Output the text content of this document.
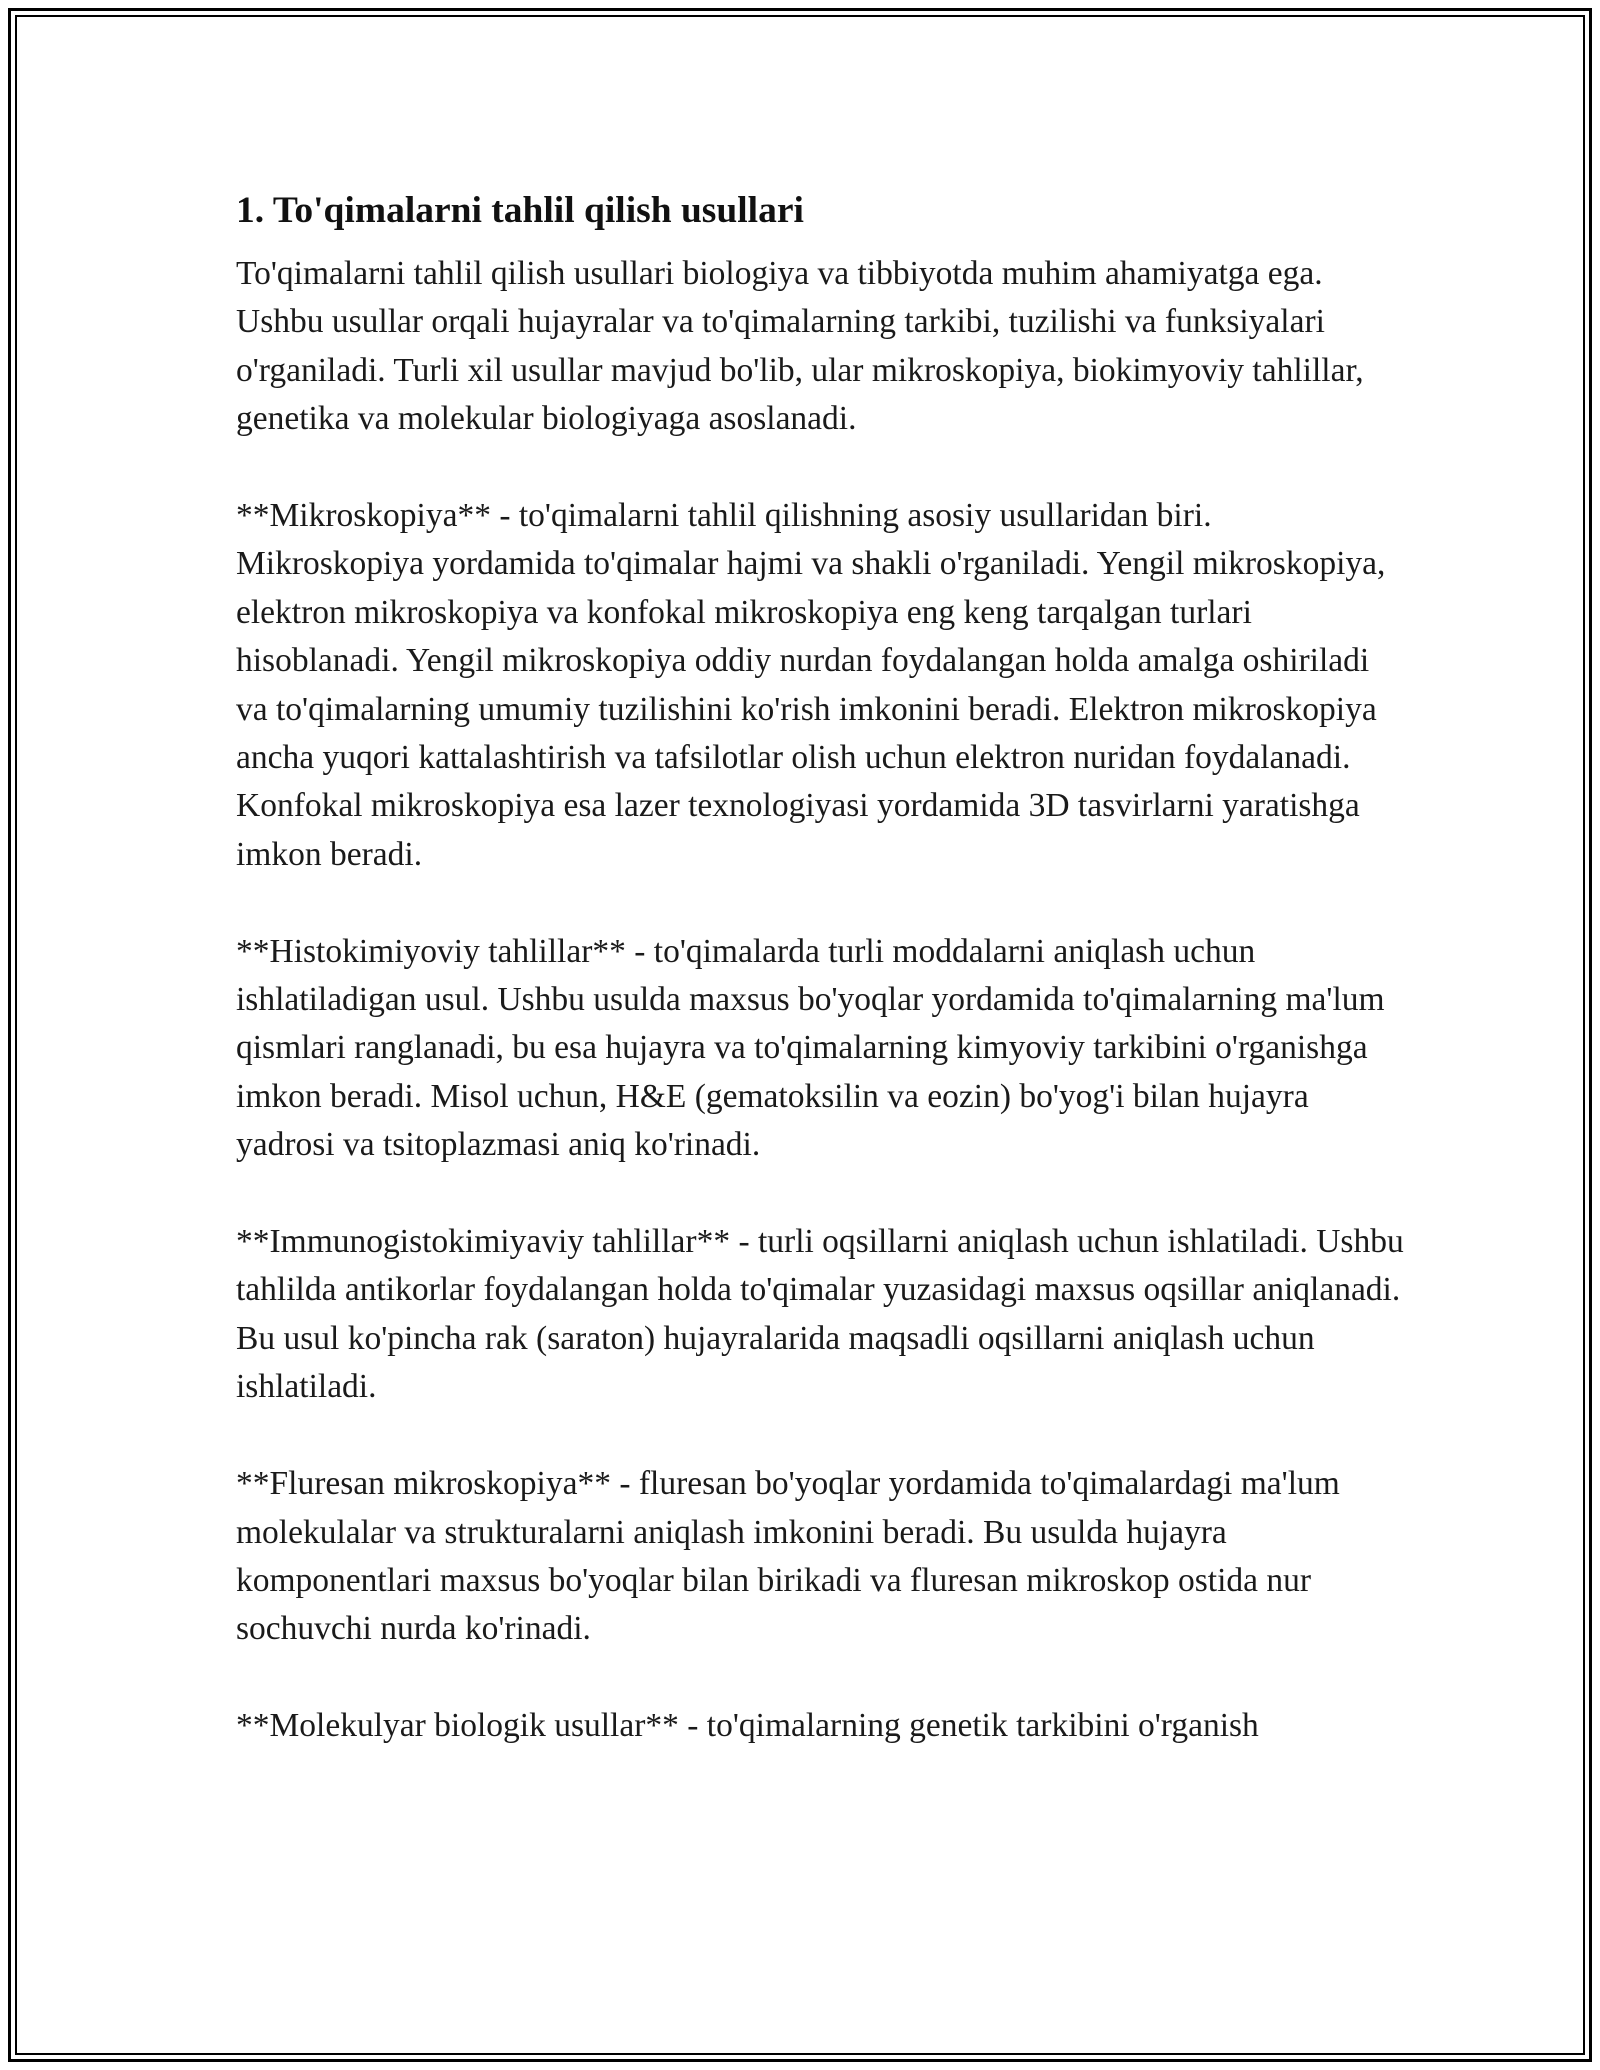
1. To'qimalarni tahlil qilish usullari

To'qimalarni tahlil qilish usullari biologiya va tibbiyotda muhim ahamiyatga ega. Ushbu usullar orqali hujayralar va to'qimalarning tarkibi, tuzilishi va funksiyalari o'rganiladi. Turli xil usullar mavjud bo'lib, ular mikroskopiya, biokimyoviy tahlillar, genetika va molekular biologiyaga asoslanadi.

**Mikroskopiya** - to'qimalarni tahlil qilishning asosiy usullaridan biri. Mikroskopiya yordamida to'qimalar hajmi va shakli o'rganiladi. Yengil mikroskopiya, elektron mikroskopiya va konfokal mikroskopiya eng keng tarqalgan turlari hisoblanadi. Yengil mikroskopiya oddiy nurdan foydalangan holda amalga oshiriladi va to'qimalarning umumiy tuzilishini ko'rish imkonini beradi. Elektron mikroskopiya ancha yuqori kattalashtirish va tafsilotlar olish uchun elektron nuridan foydalanadi. Konfokal mikroskopiya esa lazer texnologiyasi yordamida 3D tasvirlarni yaratishga imkon beradi.

**Histokimiyoviy tahlillar** - to'qimalarda turli moddalarni aniqlash uchun ishlatiladigan usul. Ushbu usulda maxsus bo'yoqlar yordamida to'qimalarning ma'lum qismlari ranglanadi, bu esa hujayra va to'qimalarning kimyoviy tarkibini o'rganishga imkon beradi. Misol uchun, H&E (gematoksilin va eozin) bo'yog'i bilan hujayra yadrosi va tsitoplazmasi aniq ko'rinadi.

**Immunogistokimiyaviy tahlillar** - turli oqsillarni aniqlash uchun ishlatiladi. Ushbu tahlilda antikorlar foydalangan holda to'qimalar yuzasidagi maxsus oqsillar aniqlanadi. Bu usul ko'pincha rak (saraton) hujayralarida maqsadli oqsillarni aniqlash uchun ishlatiladi.

**Fluresan mikroskopiya** - fluresan bo'yoqlar yordamida to'qimalardagi ma'lum molekulalar va strukturalarni aniqlash imkonini beradi. Bu usulda hujayra komponentlari maxsus bo'yoqlar bilan birikadi va fluresan mikroskop ostida nur sochuvchi nurda ko'rinadi.

**Molekulyar biologik usullar** - to'qimalarning genetik tarkibini o'rganish
